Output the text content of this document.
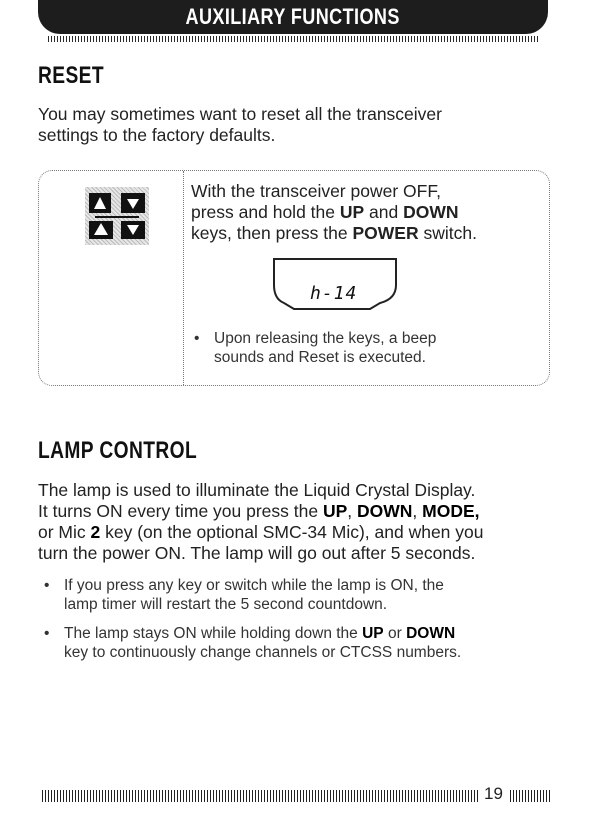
AUXILIARY FUNCTIONS
RESET

You may sometimes want to reset all the transceiver
settings to the factory defaults.

With the transceiver power OFF,
press and hold the UP and DOWN
keys, then press the POWER switch.
h-14
• Upon releasing the keys, a beep
sounds and Reset is executed.
LAMP CONTROL

The lamp is used to illuminate the Liquid Crystal Display.
It turns ON every time you press the UP, DOWN, MODE,
or Mic 2 key (on the optional SMC-34 Mic), and when you
turn the power ON. The lamp will go out after 5 seconds.

• If you press any key or switch while the lamp is ON, the
lamp timer will restart the 5 second countdown.
• The lamp stays ON while holding down the UP or DOWN
key to continuously change channels or CTCSS numbers.
19
